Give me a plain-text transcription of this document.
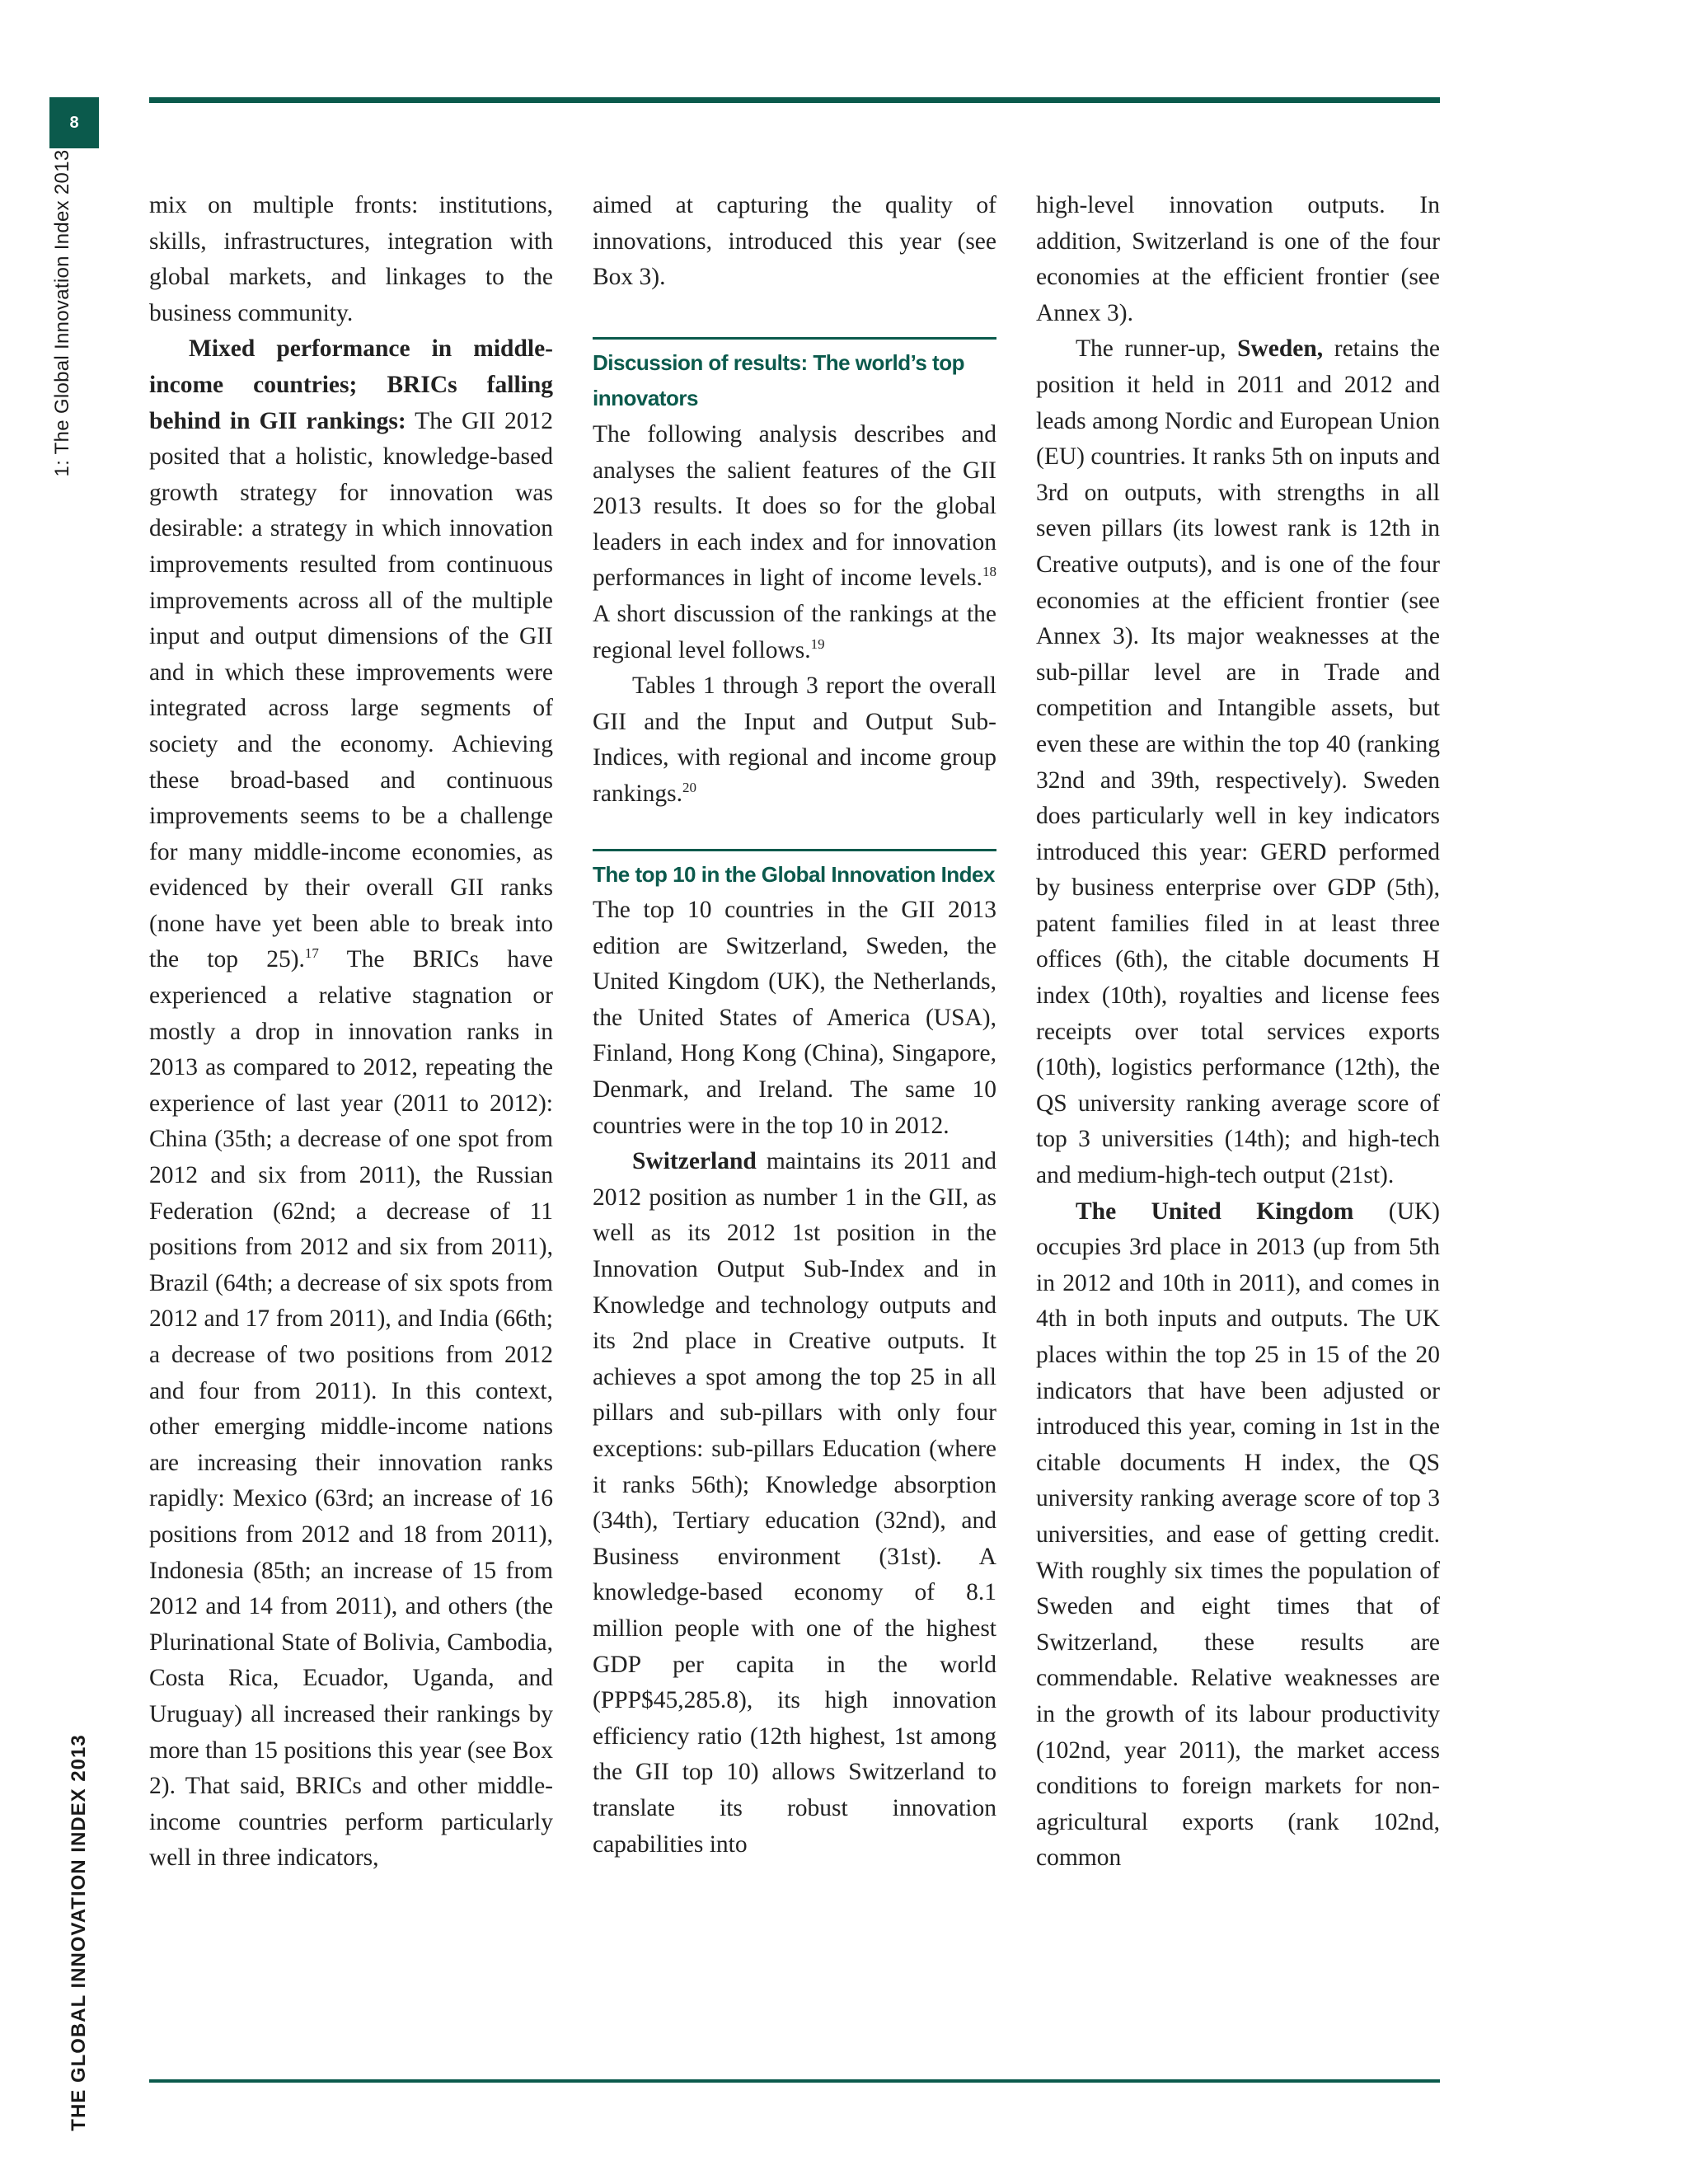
8
1: The Global Innovation Index 2013
THE GLOBAL INNOVATION INDEX 2013

mix on multiple fronts: institutions, skills, infrastructures, integration with global markets, and linkages to the business community.

Mixed performance in middle-income countries; BRICs falling behind in GII rankings: The GII 2012 posited that a holistic, knowledge-based growth strategy for innovation was desirable: a strategy in which innovation improvements resulted from continuous improvements across all of the multiple input and output dimensions of the GII and in which these improvements were integrated across large segments of society and the economy. Achieving these broad-based and continuous improvements seems to be a challenge for many middle-income economies, as evidenced by their overall GII ranks (none have yet been able to break into the top 25).$^{17}$ The BRICs have experienced a relative stagnation or mostly a drop in innovation ranks in 2013 as compared to 2012, repeating the experience of last year (2011 to 2012): China (35th; a decrease of one spot from 2012 and six from 2011), the Russian Federation (62nd; a decrease of 11 positions from 2012 and six from 2011), Brazil (64th; a decrease of six spots from 2012 and 17 from 2011), and India (66th; a decrease of two positions from 2012 and four from 2011). In this context, other emerging middle-income nations are increasing their innovation ranks rapidly: Mexico (63rd; an increase of 16 positions from 2012 and 18 from 2011), Indonesia (85th; an increase of 15 from 2012 and 14 from 2011), and others (the Plurinational State of Bolivia, Cambodia, Costa Rica, Ecuador, Uganda, and Uruguay) all increased their rankings by more than 15 positions this year (see Box 2). That said, BRICs and other middle-income countries perform particularly well in three indicators,

aimed at capturing the quality of innovations, introduced this year (see Box 3).

Discussion of results: The world’s top innovators

The following analysis describes and analyses the salient features of the GII 2013 results. It does so for the global leaders in each index and for innovation performances in light of income levels.$^{18}$ A short discussion of the rankings at the regional level follows.$^{19}$

Tables 1 through 3 report the overall GII and the Input and Output Sub-Indices, with regional and income group rankings.$^{20}$

The top 10 in the Global Innovation Index

The top 10 countries in the GII 2013 edition are Switzerland, Sweden, the United Kingdom (UK), the Netherlands, the United States of America (USA), Finland, Hong Kong (China), Singapore, Denmark, and Ireland. The same 10 countries were in the top 10 in 2012.

Switzerland maintains its 2011 and 2012 position as number 1 in the GII, as well as its 2012 1st position in the Innovation Output Sub-Index and in Knowledge and technology outputs and its 2nd place in Creative outputs. It achieves a spot among the top 25 in all pillars and sub-pillars with only four exceptions: sub-pillars Education (where it ranks 56th); Knowledge absorption (34th), Tertiary education (32nd), and Business environment (31st). A knowledge-based economy of 8.1 million people with one of the highest GDP per capita in the world (PPP$45,285.8), its high innovation efficiency ratio (12th highest, 1st among the GII top 10) allows Switzerland to translate its robust innovation capabilities into

high-level innovation outputs. In addition, Switzerland is one of the four economies at the efficient frontier (see Annex 3).

The runner-up, Sweden, retains the position it held in 2011 and 2012 and leads among Nordic and European Union (EU) countries. It ranks 5th on inputs and 3rd on outputs, with strengths in all seven pillars (its lowest rank is 12th in Creative outputs), and is one of the four economies at the efficient frontier (see Annex 3). Its major weaknesses at the sub-pillar level are in Trade and competition and Intangible assets, but even these are within the top 40 (ranking 32nd and 39th, respectively). Sweden does particularly well in key indicators introduced this year: GERD performed by business enterprise over GDP (5th), patent families filed in at least three offices (6th), the citable documents H index (10th), royalties and license fees receipts over total services exports (10th), logistics performance (12th), the QS university ranking average score of top 3 universities (14th); and high-tech and medium-high-tech output (21st).

The United Kingdom (UK) occupies 3rd place in 2013 (up from 5th in 2012 and 10th in 2011), and comes in 4th in both inputs and outputs. The UK places within the top 25 in 15 of the 20 indicators that have been adjusted or introduced this year, coming in 1st in the citable documents H index, the QS university ranking average score of top 3 universities, and ease of getting credit. With roughly six times the population of Sweden and eight times that of Switzerland, these results are commendable. Relative weaknesses are in the growth of its labour productivity (102nd, year 2011), the market access conditions to foreign markets for non-agricultural exports (rank 102nd, common
